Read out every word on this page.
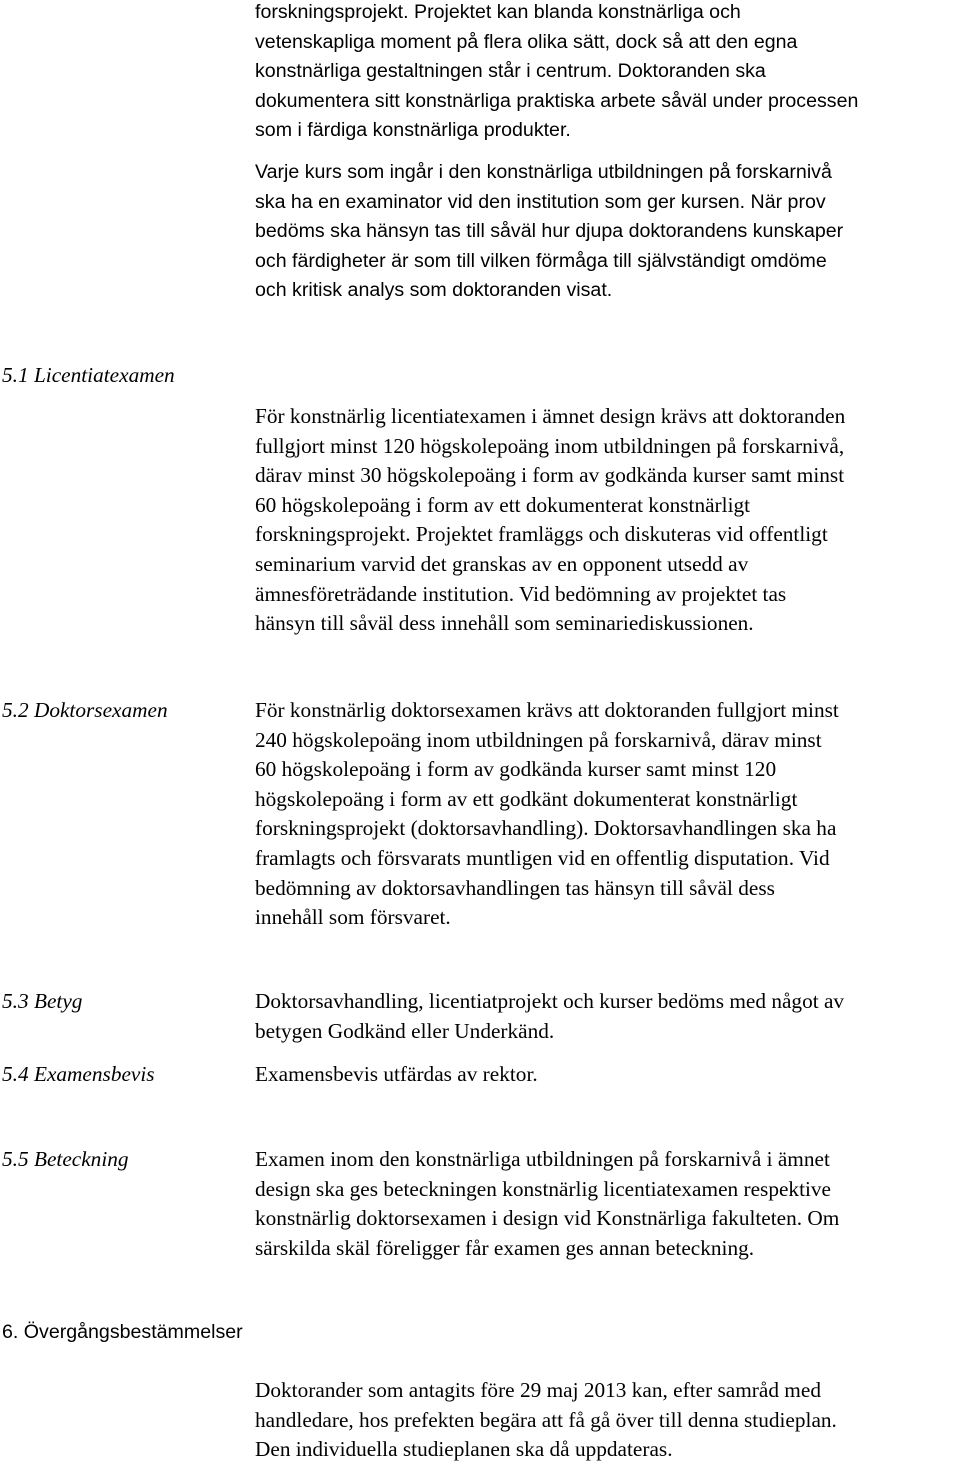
forskningsprojekt. Projektet kan blanda konstnärliga och
vetenskapliga moment på flera olika sätt, dock så att den egna
konstnärliga gestaltningen står i centrum. Doktoranden ska
dokumentera sitt konstnärliga praktiska arbete såväl under processen
som i färdiga konstnärliga produkter.
Varje kurs som ingår i den konstnärliga utbildningen på forskarnivå
ska ha en examinator vid den institution som ger kursen. När prov
bedöms ska hänsyn tas till såväl hur djupa doktorandens kunskaper
och färdigheter är som till vilken förmåga till självständigt omdöme
och kritisk analys som doktoranden visat.
5.1 Licentiatexamen
För konstnärlig licentiatexamen i ämnet design krävs att doktoranden
fullgjort minst 120 högskolepoäng inom utbildningen på forskarnivå,
därav minst 30 högskolepoäng i form av godkända kurser samt minst
60 högskolepoäng i form av ett dokumenterat konstnärligt
forskningsprojekt. Projektet framläggs och diskuteras vid offentligt
seminarium varvid det granskas av en opponent utsedd av
ämnesföreträdande institution. Vid bedömning av projektet tas
hänsyn till såväl dess innehåll som seminariediskussionen.
5.2 Doktorsexamen	För konstnärlig doktorsexamen krävs att doktoranden fullgjort minst
240 högskolepoäng inom utbildningen på forskarnivå, därav minst
60 högskolepoäng i form av godkända kurser samt minst 120
högskolepoäng i form av ett godkänt dokumenterat konstnärligt
forskningsprojekt (doktorsavhandling). Doktorsavhandlingen ska ha
framlagts och försvarats muntligen vid en offentlig disputation. Vid
bedömning av doktorsavhandlingen tas hänsyn till såväl dess
innehåll som försvaret.
5.3 Betyg	Doktorsavhandling, licentiatprojekt och kurser bedöms med något av
betygen Godkänd eller Underkänd.
5.4 Examensbevis	Examensbevis utfärdas av rektor.
5.5 Beteckning	Examen inom den konstnärliga utbildningen på forskarnivå i ämnet
design ska ges beteckningen konstnärlig licentiatexamen respektive
konstnärlig doktorsexamen i design vid Konstnärliga fakulteten. Om
särskilda skäl föreligger får examen ges annan beteckning.
6. Övergångsbestämmelser
Doktorander som antagits före 29 maj 2013 kan, efter samråd med
handledare, hos prefekten begära att få gå över till denna studieplan.
Den individuella studieplanen ska då uppdateras.
